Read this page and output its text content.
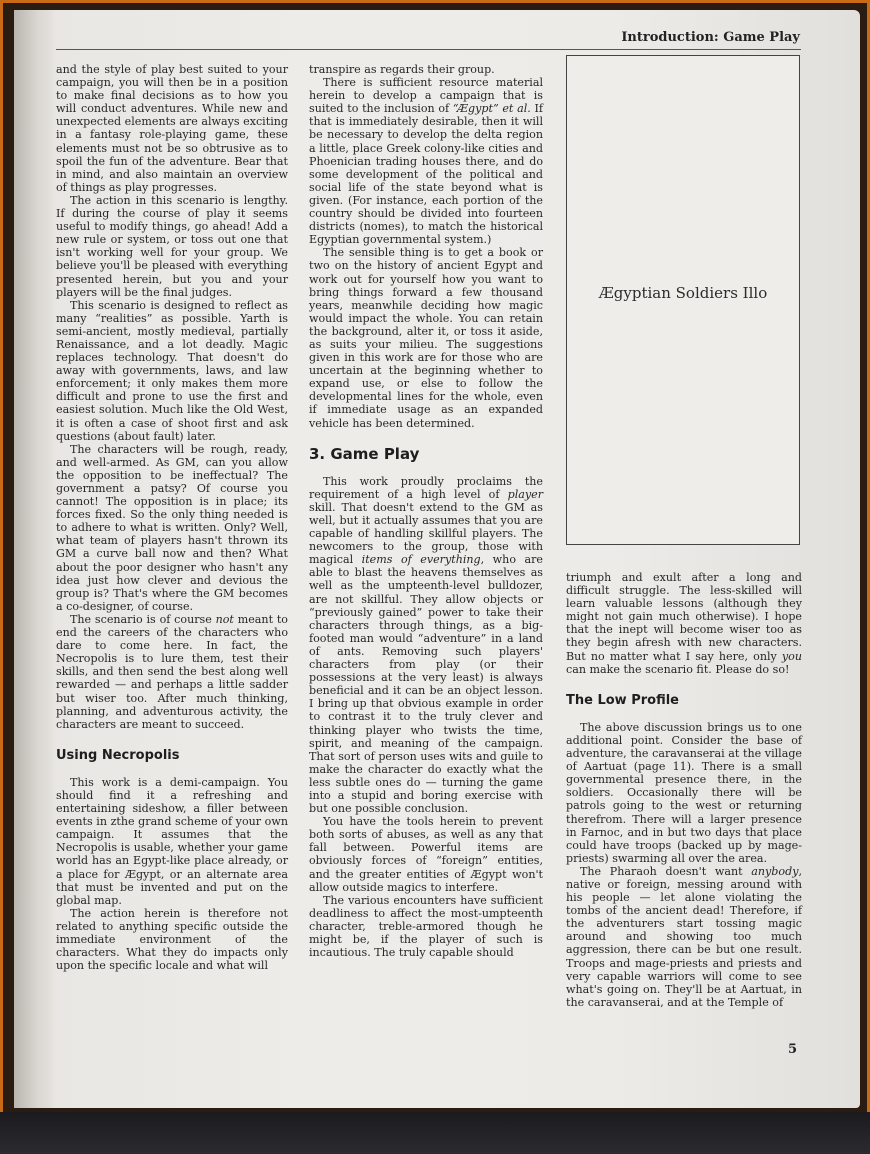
Introduction: Game Play

and the style of play best suited to your campaign, you will then be in a position to make final decisions as to how you will conduct adventures. While new and unexpected elements are always exciting in a fantasy role-playing game, these elements must not be so obtrusive as to spoil the fun of the adventure. Bear that in mind, and also maintain an overview of things as play progresses.

The action in this scenario is lengthy. If during the course of play it seems useful to modify things, go ahead! Add a new rule or system, or toss out one that isn't working well for your group. We believe you'll be pleased with everything presented herein, but you and your players will be the final judges.

This scenario is designed to reflect as many “realities” as possible. Yarth is semi-ancient, mostly medieval, partially Renaissance, and a lot deadly. Magic replaces technology. That doesn't do away with governments, laws, and law enforcement; it only makes them more difficult and prone to use the first and easiest solution. Much like the Old West, it is often a case of shoot first and ask questions (about fault) later.

The characters will be rough, ready, and well-armed. As GM, can you allow the opposition to be ineffectual? The government a patsy? Of course you cannot! The opposition is in place; its forces fixed. So the only thing needed is to adhere to what is written. Only? Well, what team of players hasn't thrown its GM a curve ball now and then? What about the poor designer who hasn't any idea just how clever and devious the group is? That's where the GM becomes a co-designer, of course.

The scenario is of course not meant to end the careers of the characters who dare to come here. In fact, the Necropolis is to lure them, test their skills, and then send the best along well rewarded — and perhaps a little sadder but wiser too. After much thinking, planning, and adventurous activity, the characters are meant to succeed.

Using Necropolis

This work is a demi-campaign. You should find it a refreshing and entertaining sideshow, a filler between events in zthe grand scheme of your own campaign. It assumes that the Necropolis is usable, whether your game world has an Egypt-like place already, or a place for Ægypt, or an alternate area that must be invented and put on the global map.

The action herein is therefore not related to anything specific outside the immediate environment of the characters. What they do impacts only upon the specific locale and what will

transpire as regards their group.

There is sufficient resource material herein to develop a campaign that is suited to the inclusion of “Ægypt” et al. If that is immediately desirable, then it will be necessary to develop the delta region a little, place Greek colony-like cities and Phoenician trading houses there, and do some development of the political and social life of the state beyond what is given. (For instance, each portion of the country should be divided into fourteen districts (nomes), to match the historical Egyptian governmental system.)

The sensible thing is to get a book or two on the history of ancient Egypt and work out for yourself how you want to bring things forward a few thousand years, meanwhile deciding how magic would impact the whole. You can retain the background, alter it, or toss it aside, as suits your milieu. The suggestions given in this work are for those who are uncertain at the beginning whether to expand use, or else to follow the developmental lines for the whole, even if immediate usage as an expanded vehicle has been determined.

3. Game Play

This work proudly proclaims the requirement of a high level of player skill. That doesn't extend to the GM as well, but it actually assumes that you are capable of handling skillful players. The newcomers to the group, those with magical items of everything, who are able to blast the heavens themselves as well as the umpteenth-level bulldozer, are not skillful. They allow objects or “previously gained” power to take their characters through things, as a big-footed man would “adventure” in a land of ants. Removing such players' characters from play (or their possessions at the very least) is always beneficial and it can be an object lesson. I bring up that obvious example in order to contrast it to the truly clever and thinking player who twists the time, spirit, and meaning of the campaign. That sort of person uses wits and guile to make the character do exactly what the less subtle ones do — turning the game into a stupid and boring exercise with but one possible conclusion.

You have the tools herein to prevent both sorts of abuses, as well as any that fall between. Powerful items are obviously forces of “foreign” entities, and the greater entities of Ægypt won't allow outside magics to interfere.

The various encounters have sufficient deadliness to affect the most-umpteenth character, treble-armored though he might be, if the player of such is incautious. The truly capable should

Ægyptian Soldiers Illo

triumph and exult after a long and difficult struggle. The less-skilled will learn valuable lessons (although they might not gain much otherwise). I hope that the inept will become wiser too as they begin afresh with new characters. But no matter what I say here, only you can make the scenario fit. Please do so!

The Low Profile

The above discussion brings us to one additional point. Consider the base of adventure, the caravanserai at the village of Aartuat (page 11). There is a small governmental presence there, in the soldiers. Occasionally there will be patrols going to the west or returning therefrom. There will a larger presence in Farnoc, and in but two days that place could have troops (backed up by mage-priests) swarming all over the area.

The Pharaoh doesn't want anybody, native or foreign, messing around with his people — let alone violating the tombs of the ancient dead! Therefore, if the adventurers start tossing magic around and showing too much aggression, there can be but one result. Troops and mage-priests and priests and very capable warriors will come to see what's going on. They'll be at Aartuat, in the caravanserai, and at the Temple of

5
